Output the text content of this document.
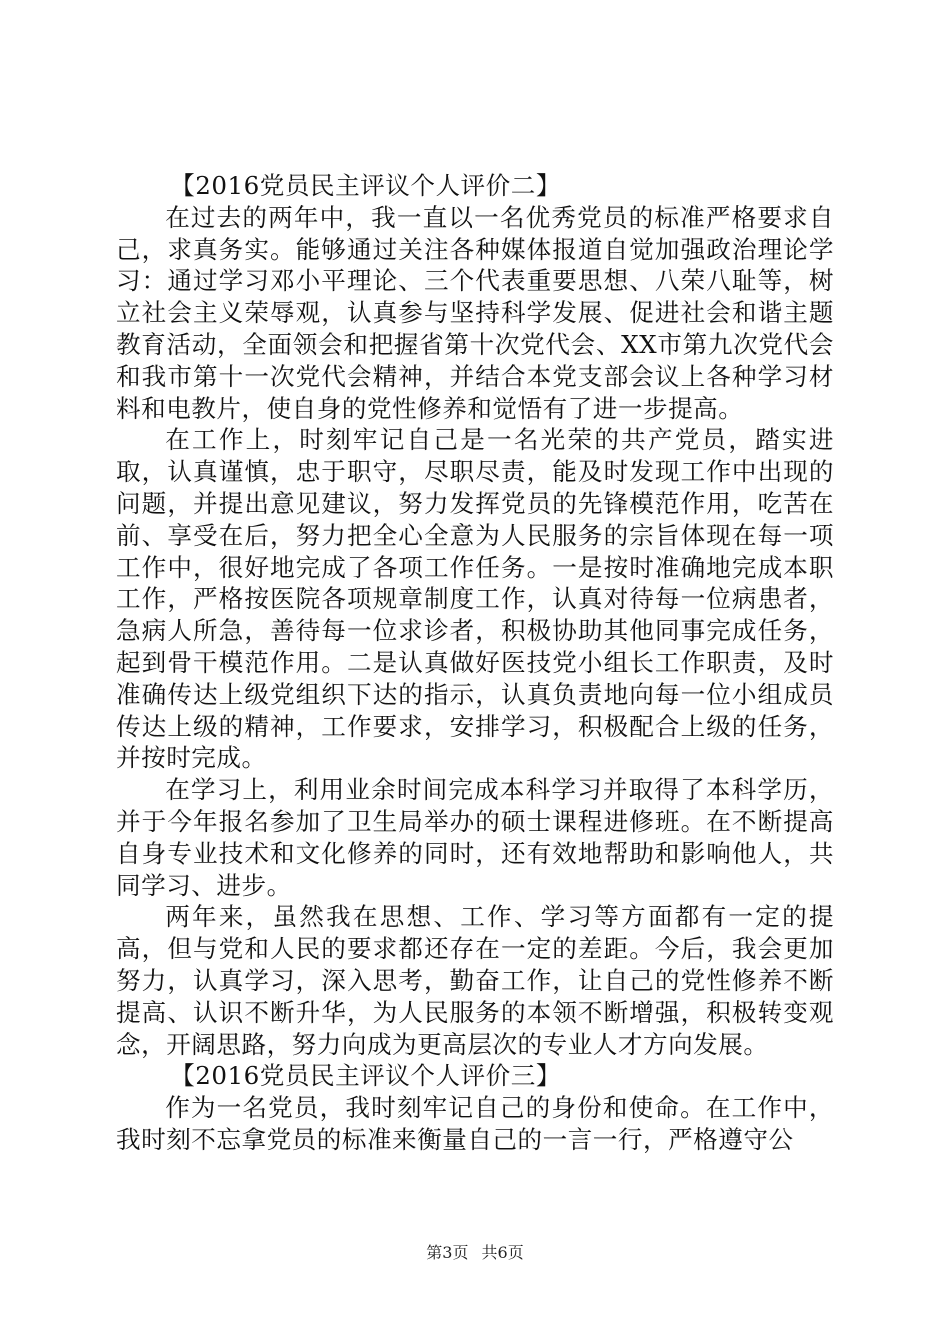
【2016党员民主评议个人评价二】

在过去的两年中，我一直以一名优秀党员的标准严格要求自己，求真务实。能够通过关注各种媒体报道自觉加强政治理论学习：通过学习邓小平理论、三个代表重要思想、八荣八耻等，树立社会主义荣辱观，认真参与坚持科学发展、促进社会和谐主题教育活动，全面领会和把握省第十次党代会、XX市第九次党代会和我市第十一次党代会精神，并结合本党支部会议上各种学习材料和电教片，使自身的党性修养和觉悟有了进一步提高。

在工作上，时刻牢记自己是一名光荣的共产党员，踏实进取，认真谨慎，忠于职守，尽职尽责，能及时发现工作中出现的问题，并提出意见建议，努力发挥党员的先锋模范作用，吃苦在前、享受在后，努力把全心全意为人民服务的宗旨体现在每一项工作中，很好地完成了各项工作任务。一是按时准确地完成本职工作，严格按医院各项规章制度工作，认真对待每一位病患者，急病人所急，善待每一位求诊者，积极协助其他同事完成任务，起到骨干模范作用。二是认真做好医技党小组长工作职责，及时准确传达上级党组织下达的指示，认真负责地向每一位小组成员传达上级的精神，工作要求，安排学习，积极配合上级的任务，并按时完成。

在学习上，利用业余时间完成本科学习并取得了本科学历，并于今年报名参加了卫生局举办的硕士课程进修班。在不断提高自身专业技术和文化修养的同时，还有效地帮助和影响他人，共同学习、进步。

两年来，虽然我在思想、工作、学习等方面都有一定的提高，但与党和人民的要求都还存在一定的差距。今后，我会更加努力，认真学习，深入思考，勤奋工作，让自己的党性修养不断提高、认识不断升华，为人民服务的本领不断增强，积极转变观念，开阔思路，努力向成为更高层次的专业人才方向发展。

【2016党员民主评议个人评价三】

作为一名党员，我时刻牢记自己的身份和使命。在工作中，我时刻不忘拿党员的标准来衡量自己的一言一行，严格遵守公

第3页 共6页
